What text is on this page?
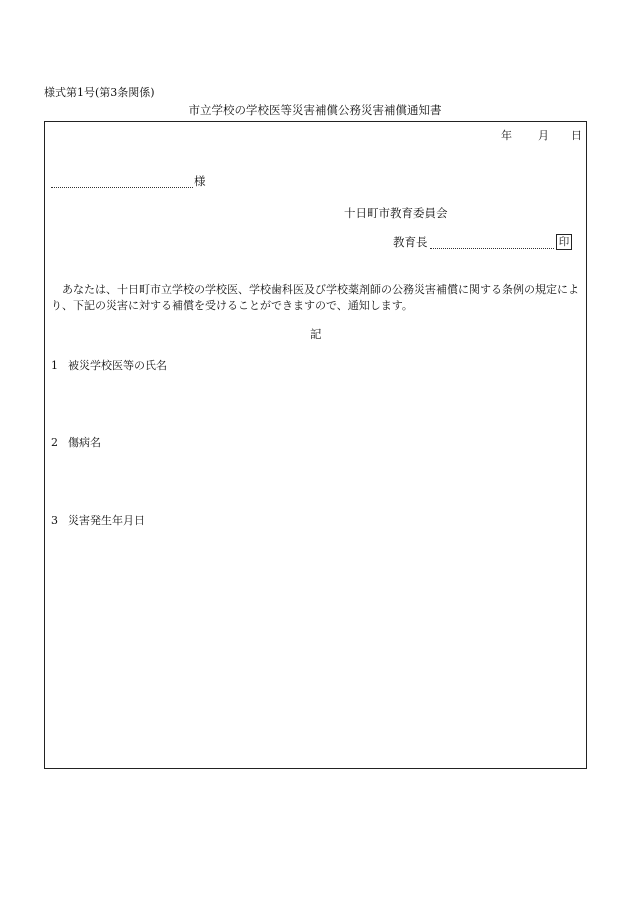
様式第1号(第3条関係)
市立学校の学校医等災害補償公務災害補償通知書
年 月 日
様
十日町市教育委員会
教育長	印
あなたは、十日町市立学校の学校医、学校歯科医及び学校薬剤師の公務災害補償に関する条例の規定により、下記の災害に対する補償を受けることができますので、通知します。
記
1 被災学校医等の氏名
2 傷病名
3 災害発生年月日
